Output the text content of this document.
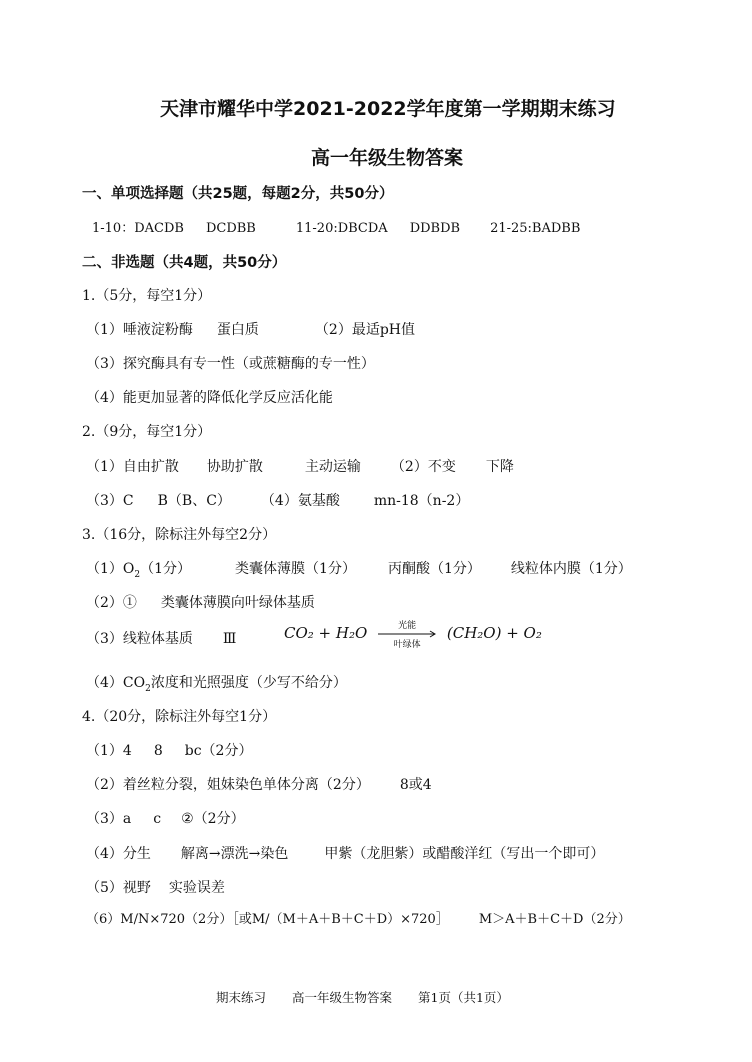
天津市耀华中学2021-2022学年度第一学期期末练习
高一年级生物答案
一、单项选择题（共25题，每题2分，共50分）
1-10：DACDB DCDBB	11-20:DBCDA DDBDB 21-25:BADBB
二、非选题（共4题，共50分）
1.（5分，每空1分）
（1）唾液淀粉酶 蛋白质	（2）最适pH值
（3）探究酶具有专一性（或蔗糖酶的专一性）
（4）能更加显著的降低化学反应活化能
2.（9分，每空1分）
（1）自由扩散 协助扩散	主动运输 （2）不变 下降
（3）C B（B、C） （4）氨基酸 mn-18（n-2）
3.（16分，除标注外每空2分）
$(1)O_2(1$分）	类囊体薄膜（1分） 丙酮酸（1分） 线粒体内膜（1分）
（2）① 类囊体薄膜向叶绿体基质
（3）线粒体基质 Ⅲ	CO₂ + H₂O	光能
叶绿体
(CH₂O) + O₂
$(4)CO_2$浓度和光照强度（少写不给分）
4.（20分，除标注外每空1分）
（1）4 8 bc（2分）
（2）着丝粒分裂，姐妹染色单体分离（2分） 8或4
（3）a c ②（2分）
（4）分生 解离→漂洗→染色	甲紫（龙胆紫）或醋酸洋红（写出一个即可）
（5）视野 实验误差
（6）M/N×720（2分）［或M/（M＋A＋B＋C＋D）×720］ M＞A＋B＋C＋D（2分）
期末练习 高一年级生物答案 第1页（共1页）
